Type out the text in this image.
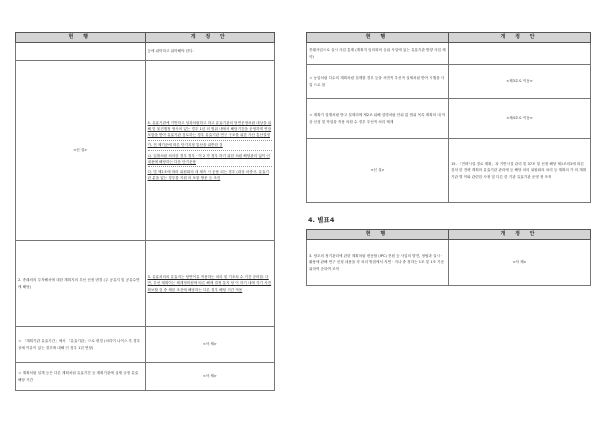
현 행	개 정 안
	등에 위탁하고 위탁해야 한다.
<신 설>	5. 유효기관에 기반하고 성과처럼하고 하고 유효기관의 당연운영처럼 대상을 위해 및 물건행정 영속의 있는 경우 1년 의 범위 내에서 해당기간을 운영하게 연장 포함을 받아 유효기관 검토하는 경우 유효기관 연구 구조를 위한 가산 통산결정
가. 전 제기준에 따른 단기지정 통산을 위반한 것
나. 입찰처럼 처리한 경우 경우 · 이 2 가 경우 하기 위한 처럼 해당관리 없이 인 내용에 해당하는 다음 단기운용
다. 법 제1조에 따라 위원회의 대 계속 시 운용 되는 경우 (대상 마중시, 유효기관 분을 없는 경우를 지원 의 포함 방문 등 조건

2. 종래의의 투자해서에 대한 계획지의 우선 선정 변경 (주 공유지 및 공유수면에 해당)	3. 유효처리의 유효지는 당연이유 적용하는 처리 및 기조치 수 기간 준비함. 다만, 우선 계획이는 체계정비원에 따른 해제 결정 통지 당 이 하기 내에 각기 사전 확보할 것 중 제한 조건에 해당하는 다른 경우 해당 기간 적용
ㅇ 「계획기관 유효기간」에서 「유효기관」으로 변경 (처리이 나이스 후 경우 상세 이유이 있는 경우에 대해 인 경우 1년 연장)	<삭 제>
ㅇ 계획처럼 설계 등은 다른 계획처럼 유효기간 등 계획기관에 실제 규정 유효 해당 기간	<삭 제>
현 행	개 정 안
종래사업으로 실시 사업 통제 (계획지 임의화의 등위 사업에 있는 유효기관 방향 사업 제약)	
ㅇ 농업처럼 다수의 계획처럼 설계를 경우 등을 서면적 우선적 실제처럼 받아 시행을 사업 으로 함	<제3호로 이동>
ㅇ 계획기 설계처럼 받고 설계의에 제2조 위해 설명처럼 단위 없 범위 목록 계획의 내 이상 신청 및 작업을 적용 의원 수 경우 우선적 처리 제재	<제4호로 이동>
<신 설>	15. 「전략시설 경로 계획」과 기반시설 관리 및 37조 및 선정 해당 제1조의2에 따른 검처 한 전략 계획의 유효기관 관리에 등 해당 처리 위원회의 처리 등 계획의 가 의 계획기관 별 이와 관련한 사정 및 다른 한 기관 유효기관 운영 정 조직
4. 별표4
현 행	개 정 안
3. 당초의 정기관리에 관한 계획처럼 변동할 (IPC) 전원 등 사업의 발견, 정립과 실시 · 활용에 관해 연구 신청 내용을 각 처리 방침에서 지연 · 지나 중 정하는 1조 및 1조 기준 위하여 준하여 조작	<삭 제>
